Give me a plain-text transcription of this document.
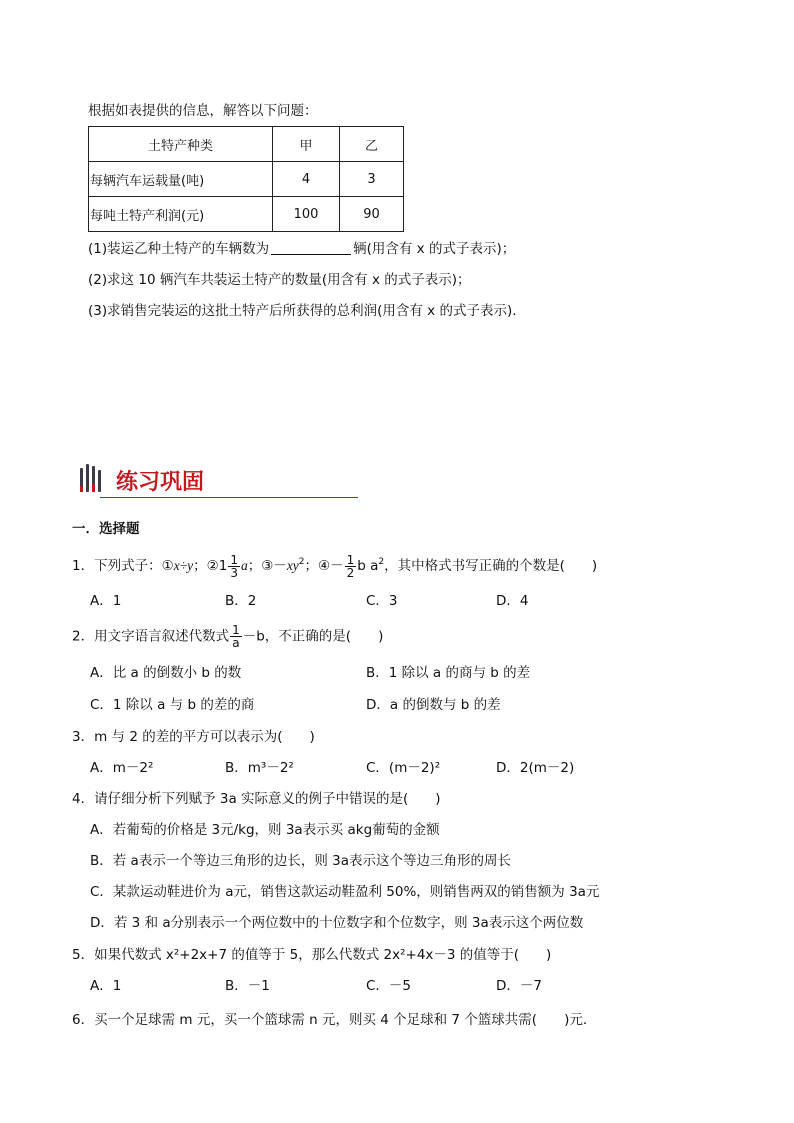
根据如表提供的信息，解答以下问题：
土特产种类	甲	乙
每辆汽车运载量(吨)	4	3
每吨土特产利润(元)	100	90
(1)装运乙种土特产的车辆数为	辆(用含有 x 的式子表示)；
(2)求这 10 辆汽车共装运土特产的数量(用含有 x 的式子表示)；
(3)求销售完装运的这批土特产后所获得的总利润(用含有 x 的式子表示)．
练习巩固
一．选择题
1．下列式子：①x÷y；②1 $\frac{1}{3}$ a；$③-xy^2$；④－ $\frac{1}{2}$ b $a^2$，其中格式书写正确的个数是(　　)
A．1	B．2	C．3	D．4
2．用文字语言叙述代数式 $\frac{1}{a} -b$，不正确的是(　　)
A．比 a 的倒数小 b 的数	B．1 除以 a 的商与 b 的差
C．1 除以 a 与 b 的差的商	D．a 的倒数与 b 的差
3．m 与 2 的差的平方可以表示为(　　)
A．m－2²	B．m³－2²	C．(m－2)²	D．2(m－2)
4．请仔细分析下列赋予 3a 实际意义的例子中错误的是(　　)
A．若葡萄的价格是 3元/kg，则 3a表示买 akg葡萄的金额
B．若 a表示一个等边三角形的边长，则 3a表示这个等边三角形的周长
C．某款运动鞋进价为 a元，销售这款运动鞋盈利 50%，则销售两双的销售额为 3a元
D．若 3 和 a分别表示一个两位数中的十位数字和个位数字，则 3a表示这个两位数
5．如果代数式 x²+2x+7 的值等于 5，那么代数式 2x²+4x－3 的值等于(　　)
A．1	B．－1	C．－5	D．－7
6．买一个足球需 m 元，买一个篮球需 n 元，则买 4 个足球和 7 个篮球共需(　　)元．
